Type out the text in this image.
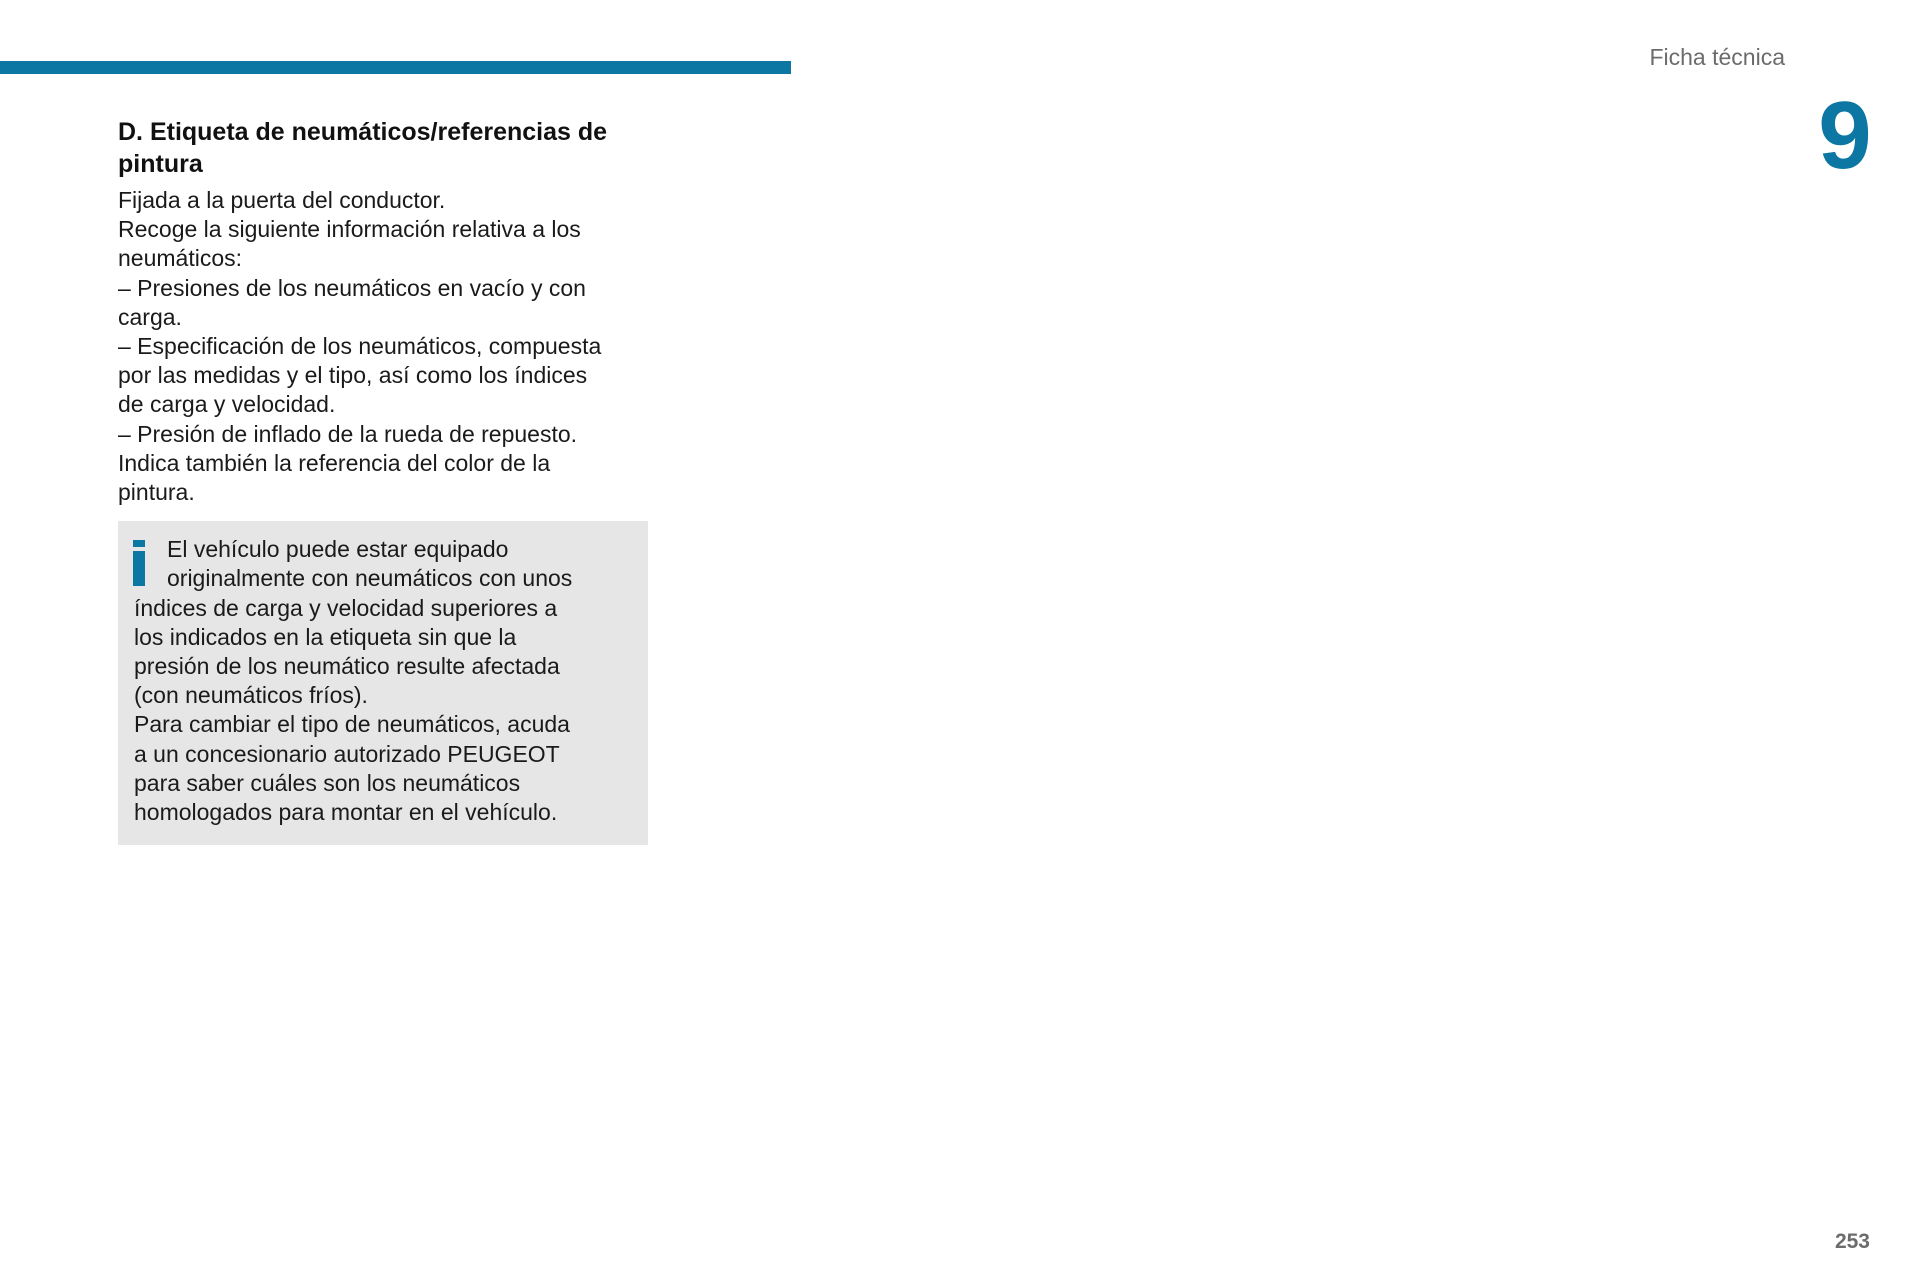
Ficha técnica
9
D. Etiqueta de neumáticos/referencias de
pintura

Fijada a la puerta del conductor.

Recoge la siguiente información relativa a los

neumáticos:

– Presiones de los neumáticos en vacío y con

carga.

– Especificación de los neumáticos, compuesta

por las medidas y el tipo, así como los índices

de carga y velocidad.

– Presión de inflado de la rueda de repuesto.

Indica también la referencia del color de la

pintura.

El vehículo puede estar equipado

originalmente con neumáticos con unos

índices de carga y velocidad superiores a

los indicados en la etiqueta sin que la

presión de los neumático resulte afectada

(con neumáticos fríos).

Para cambiar el tipo de neumáticos, acuda

a un concesionario autorizado PEUGEOT

para saber cuáles son los neumáticos

homologados para montar en el vehículo.

253
